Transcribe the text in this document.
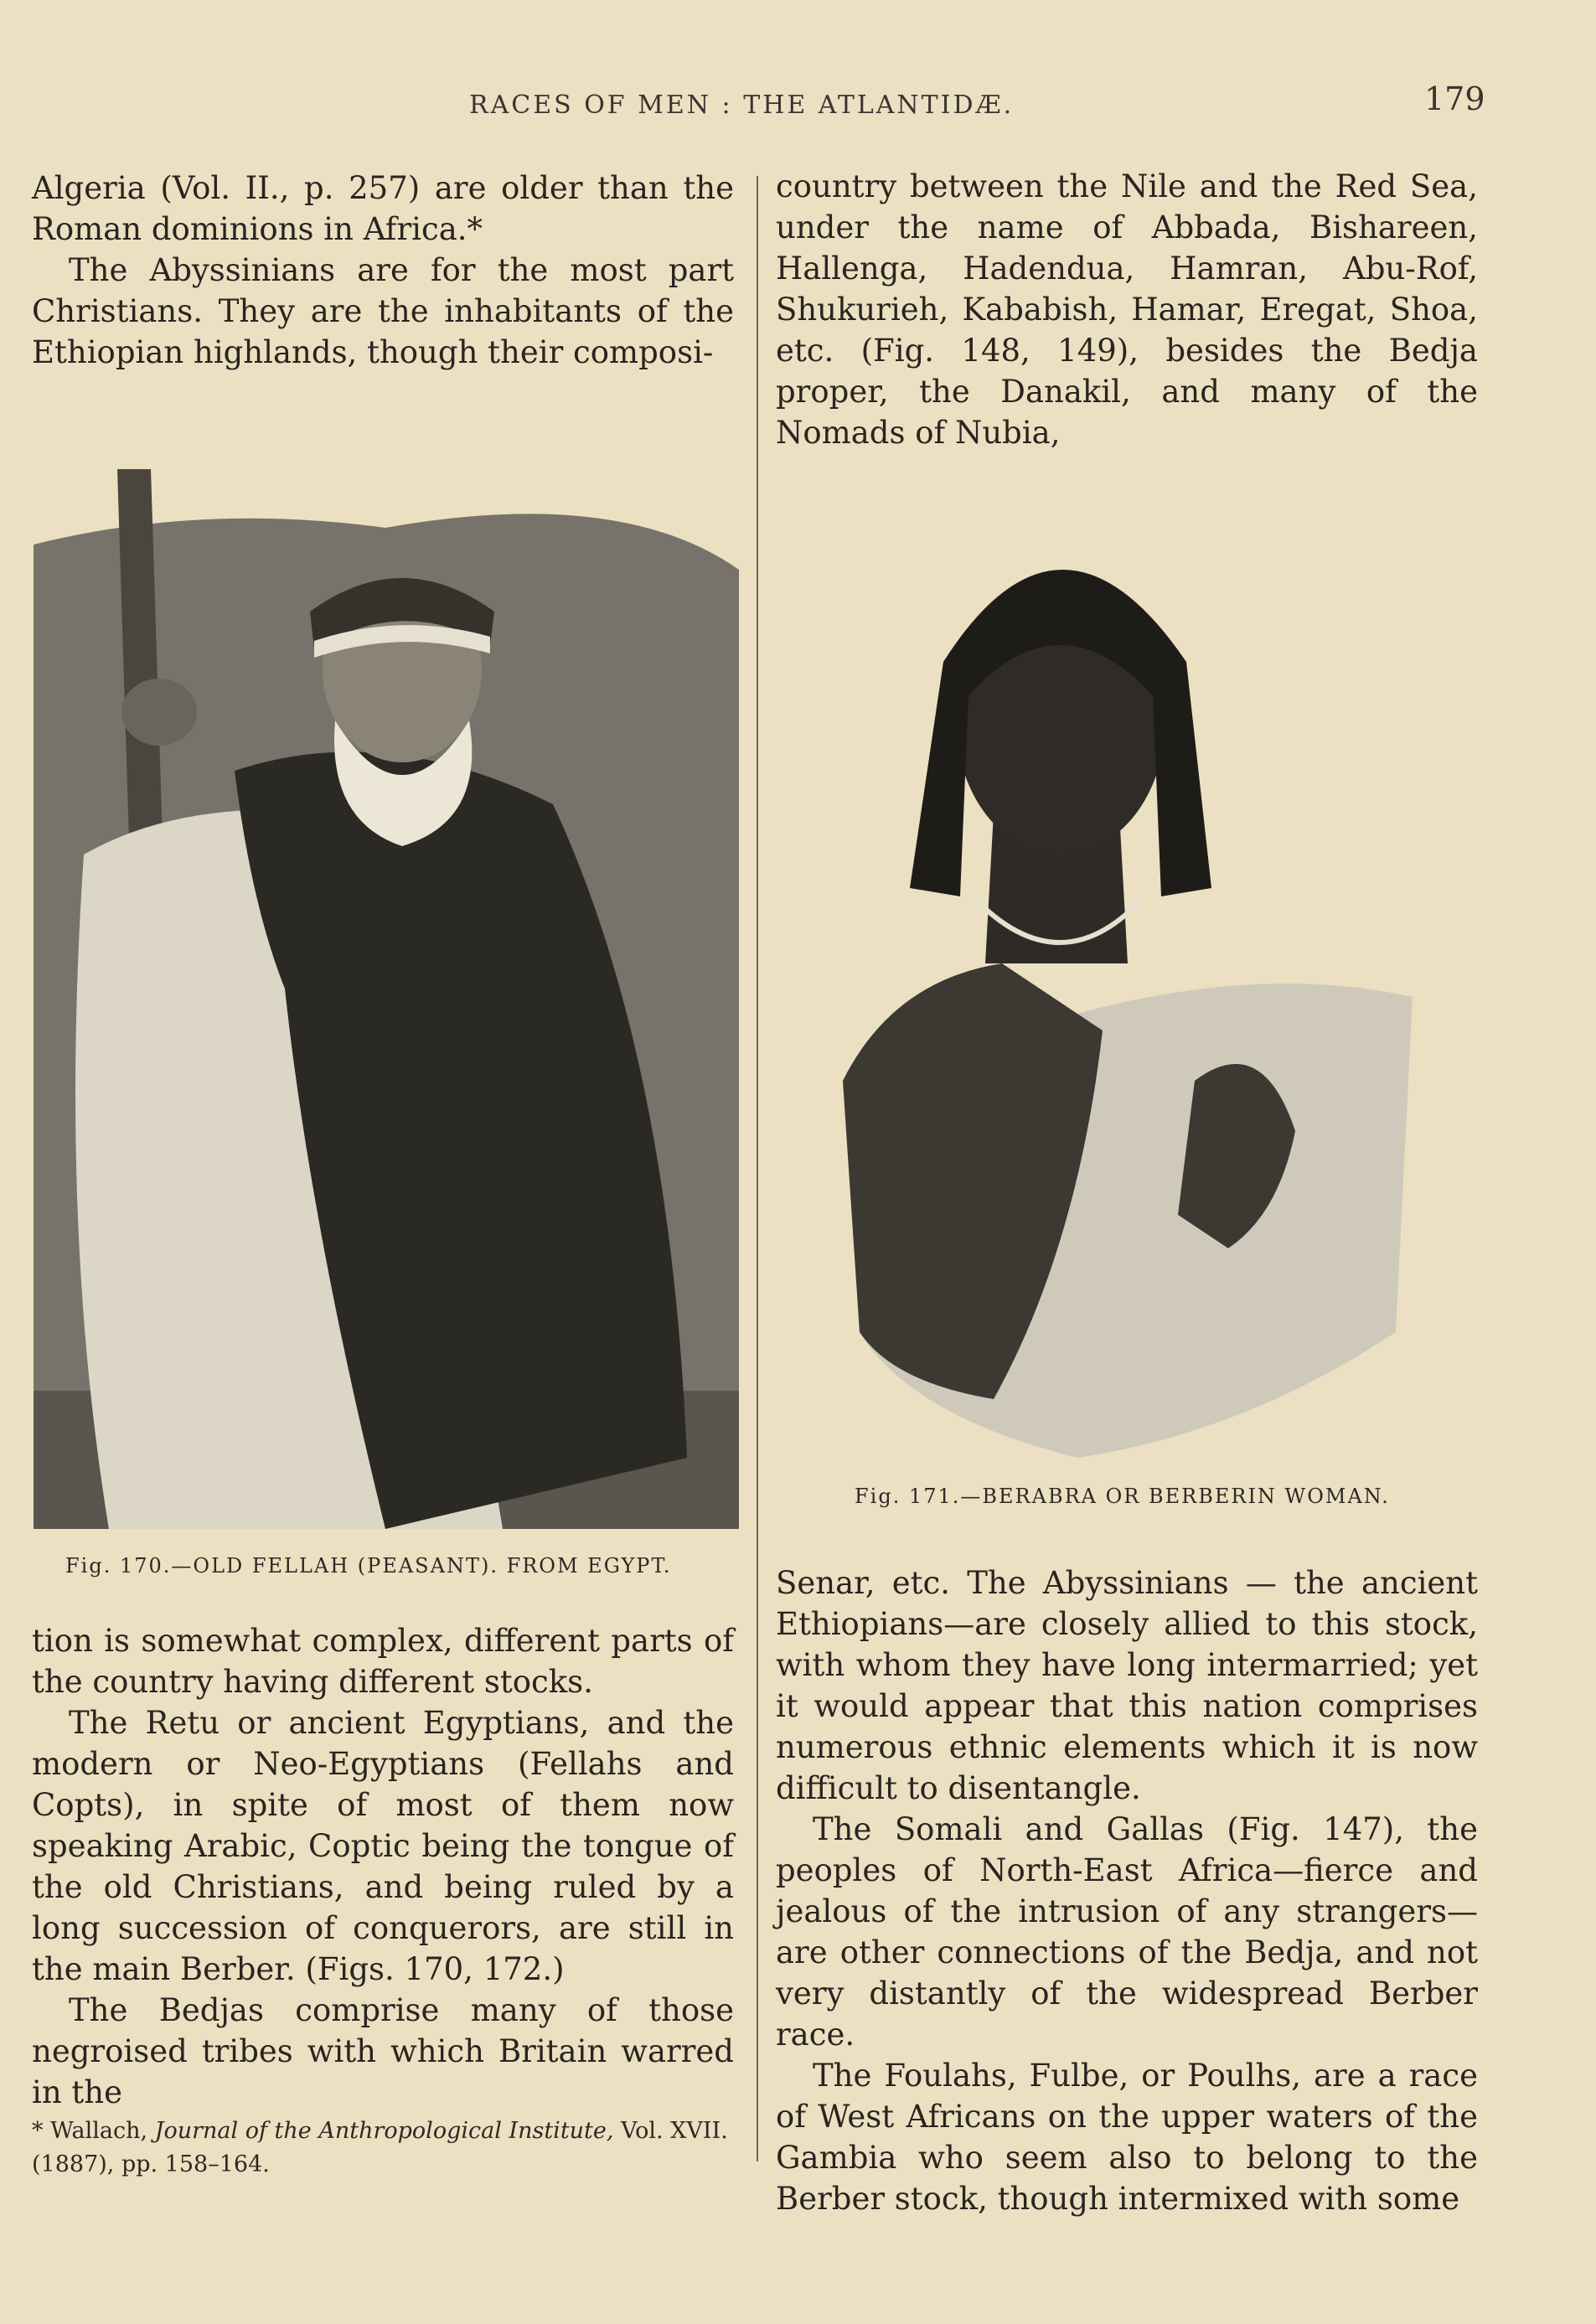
RACES OF MEN : THE ATLANTIDÆ.	179

Algeria (Vol. II., p. 257) are older than the Roman dominions in Africa.*

The Abyssinians are for the most part Christians. They are the inhabitants of the Ethiopian highlands, though their composi-

country between the Nile and the Red Sea, under the name of Abbada, Bishareen, Hallenga, Hadendua, Hamran, Abu-Rof, Shukurieh, Kababish, Hamar, Eregat, Shoa, etc. (Fig. 148, 149), besides the Bedja proper, the Danakil, and many of the Nomads of Nubia,

Fig. 170.—OLD FELLAH (PEASANT). FROM EGYPT.
Fig. 171.—BERABRA OR BERBERIN WOMAN.

tion is somewhat complex, different parts of the country having different stocks.

The Retu or ancient Egyptians, and the modern or Neo-Egyptians (Fellahs and Copts), in spite of most of them now speaking Arabic, Coptic being the tongue of the old Christians, and being ruled by a long succession of conquerors, are still in the main Berber. (Figs. 170, 172.)

The Bedjas comprise many of those negroised tribes with which Britain warred in the

Senar, etc. The Abyssinians — the ancient Ethiopians—are closely allied to this stock, with whom they have long intermarried; yet it would appear that this nation comprises numerous ethnic elements which it is now difficult to disentangle.

The Somali and Gallas (Fig. 147), the peoples of North-East Africa—fierce and jealous of the intrusion of any strangers—are other connections of the Bedja, and not very distantly of the widespread Berber race.

The Foulahs, Fulbe, or Poulhs, are a race of West Africans on the upper waters of the Gambia who seem also to belong to the Berber stock, though intermixed with some

* Wallach, Journal of the Anthropological Institute, Vol. XVII. (1887), pp. 158–164.
